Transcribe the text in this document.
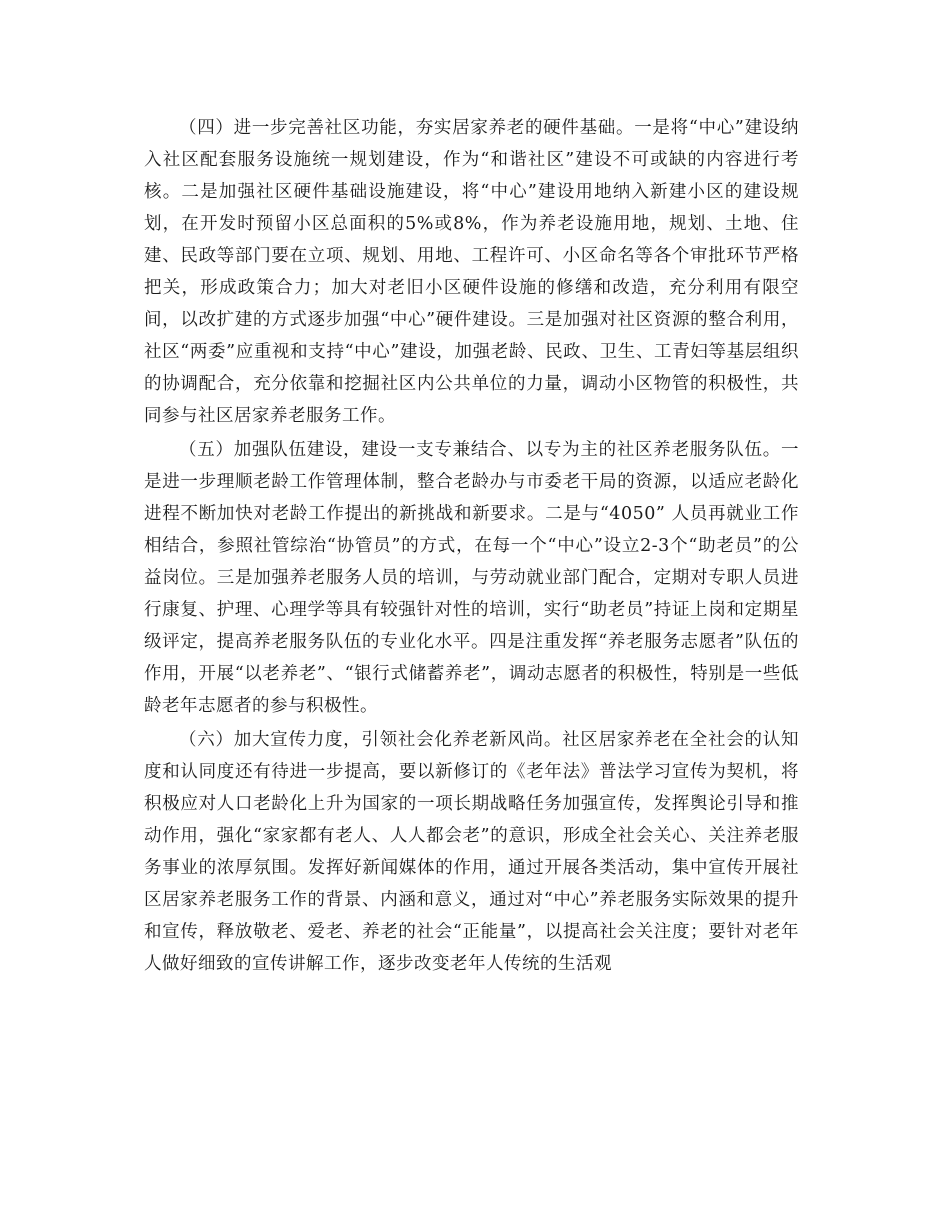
（四）进一步完善社区功能，夯实居家养老的硬件基础。一是将“中心”建设纳入社区配套服务设施统一规划建设，作为“和谐社区”建设不可或缺的内容进行考核。二是加强社区硬件基础设施建设，将“中心”建设用地纳入新建小区的建设规划，在开发时预留小区总面积的5%或8%，作为养老设施用地，规划、土地、住建、民政等部门要在立项、规划、用地、工程许可、小区命名等各个审批环节严格把关，形成政策合力；加大对老旧小区硬件设施的修缮和改造，充分利用有限空间，以改扩建的方式逐步加强“中心”硬件建设。三是加强对社区资源的整合利用，社区“两委”应重视和支持“中心”建设，加强老龄、民政、卫生、工青妇等基层组织的协调配合，充分依靠和挖掘社区内公共单位的力量，调动小区物管的积极性，共同参与社区居家养老服务工作。

（五）加强队伍建设，建设一支专兼结合、以专为主的社区养老服务队伍。一是进一步理顺老龄工作管理体制，整合老龄办与市委老干局的资源，以适应老龄化进程不断加快对老龄工作提出的新挑战和新要求。二是与“4050” 人员再就业工作相结合，参照社管综治“协管员”的方式，在每一个“中心”设立2-3个“助老员”的公益岗位。三是加强养老服务人员的培训，与劳动就业部门配合，定期对专职人员进行康复、护理、心理学等具有较强针对性的培训，实行“助老员”持证上岗和定期星级评定，提高养老服务队伍的专业化水平。四是注重发挥“养老服务志愿者”队伍的作用，开展“以老养老”、“银行式储蓄养老”，调动志愿者的积极性，特别是一些低龄老年志愿者的参与积极性。

（六）加大宣传力度，引领社会化养老新风尚。社区居家养老在全社会的认知度和认同度还有待进一步提高，要以新修订的《老年法》普法学习宣传为契机，将积极应对人口老龄化上升为国家的一项长期战略任务加强宣传，发挥舆论引导和推动作用，强化“家家都有老人、人人都会老”的意识，形成全社会关心、关注养老服务事业的浓厚氛围。发挥好新闻媒体的作用，通过开展各类活动，集中宣传开展社区居家养老服务工作的背景、内涵和意义，通过对“中心”养老服务实际效果的提升和宣传，释放敬老、爱老、养老的社会“正能量”，以提高社会关注度；要针对老年人做好细致的宣传讲解工作，逐步改变老年人传统的生活观
